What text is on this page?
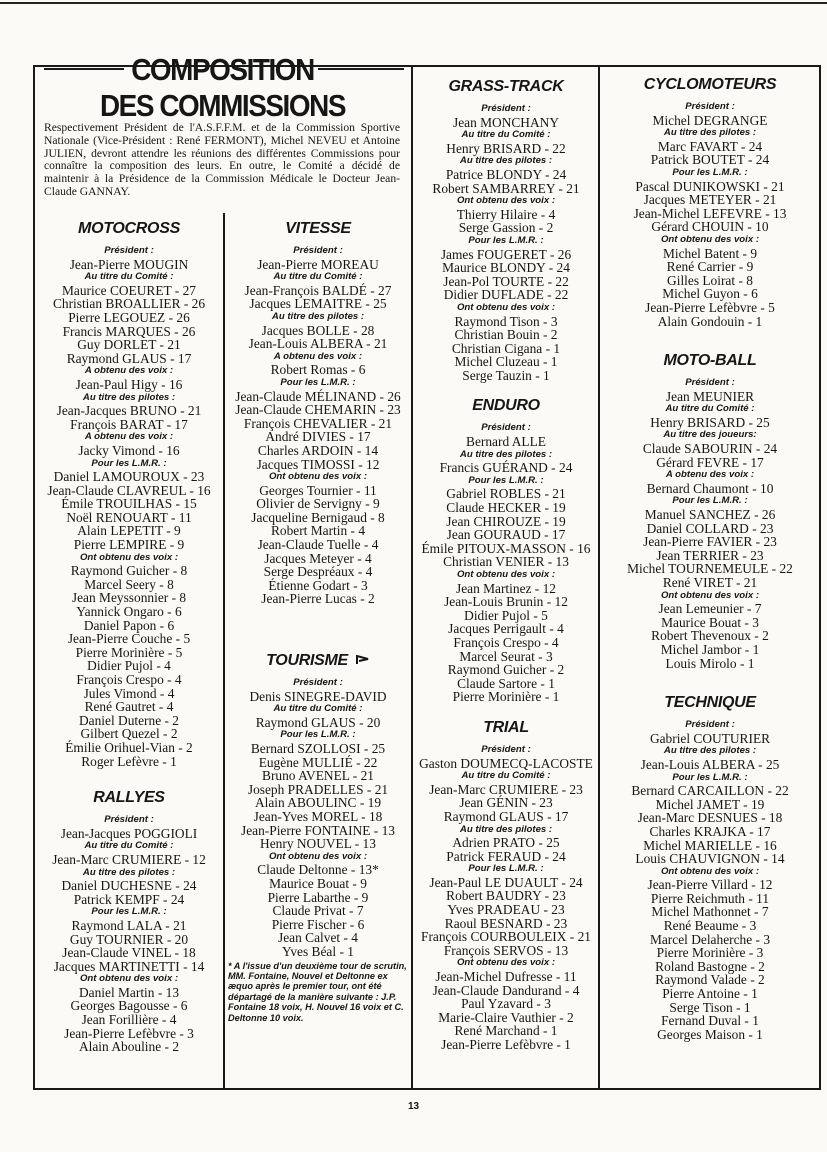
COMPOSITION
DES COMMISSIONS
Respectivement Président de l'A.S.F.F.M. et de la Commission Sportive Nationale (Vice-Président : René FERMONT), Michel NEVEU et Antoine JULIEN, devront attendre les réunions des différentes Commissions pour connaître la composition des leurs. En outre, le Comité a décidé de maintenir à la Présidence de la Commission Médicale le Docteur Jean-Claude GANNAY.
MOTOCROSS
Président :
Jean-Pierre MOUGIN
Au titre du Comité :
Maurice COEURET - 27
Christian BROALLIER - 26
Pierre LEGOUEZ - 26
Francis MARQUES - 26
Guy DORLET - 21
Raymond GLAUS - 17
A obtenu des voix :
Jean-Paul Higy - 16
Au titre des pilotes :
Jean-Jacques BRUNO - 21
François BARAT - 17
A obtenu des voix :
Jacky Vimond - 16
Pour les L.M.R. :
Daniel LAMOUROUX - 23
Jean-Claude CLAVREUL - 16
Émile TROUILHAS - 15
Noël RENOUART - 11
Alain LEPETIT - 9
Pierre LEMPIRE - 9
Ont obtenu des voix :
Raymond Guicher - 8
Marcel Seery - 8
Jean Meyssonnier - 8
Yannick Ongaro - 6
Daniel Papon - 6
Jean-Pierre Couche - 5
Pierre Morinière - 5
Didier Pujol - 4
François Crespo - 4
Jules Vimond - 4
René Gautret - 4
Daniel Duterne - 2
Gilbert Quezel - 2
Émilie Orihuel-Vian - 2
Roger Lefèvre - 1
RALLYES
Président :
Jean-Jacques POGGIOLI
Au titre du Comité :
Jean-Marc CRUMIERE - 12
Au titre des pilotes :
Daniel DUCHESNE - 24
Patrick KEMPF - 24
Pour les L.M.R. :
Raymond LALA - 21
Guy TOURNIER - 20
Jean-Claude VINEL - 18
Jacques MARTINETTI - 14
Ont obtenu des voix :
Daniel Martin - 13
Georges Bagousse - 6
Jean Forillière - 4
Jean-Pierre Lefèbvre - 3
Alain Abouline - 2
VITESSE
Président :
Jean-Pierre MOREAU
Au titre du Comité :
Jean-François BALDÉ - 27
Jacques LEMAITRE - 25
Au titre des pilotes :
Jacques BOLLE - 28
Jean-Louis ALBERA - 21
A obtenu des voix :
Robert Romas - 6
Pour les L.M.R. :
Jean-Claude MÉLINAND - 26
Jean-Claude CHEMARIN - 23
François CHEVALIER - 21
André DIVIES - 17
Charles ARDOIN - 14
Jacques TIMOSSI - 12
Ont obtenu des voix :
Georges Tournier - 11
Olivier de Servigny - 9
Jacqueline Bernigaud - 8
Robert Martin - 4
Jean-Claude Tuelle - 4
Jacques Meteyer - 4
Serge Despréaux - 4
Étienne Godart - 3
Jean-Pierre Lucas - 2
TOURISME
Président :
Denis SINEGRE-DAVID
Au titre du Comité :
Raymond GLAUS - 20
Pour les L.M.R. :
Bernard SZOLLOSI - 25
Eugène MULLIÉ - 22
Bruno AVENEL - 21
Joseph PRADELLES - 21
Alain ABOULINC - 19
Jean-Yves MOREL - 18
Jean-Pierre FONTAINE - 13
Henry NOUVEL - 13
Ont obtenu des voix :
Claude Deltonne - 13*
Maurice Bouat - 9
Pierre Labarthe - 9
Claude Privat - 7
Pierre Fischer - 6
Jean Calvet - 4
Yves Béal - 1
* A l'issue d'un deuxième tour de scrutin, MM. Fontaine, Nouvel et Deltonne ex æquo après le premier tour, ont été départagé de la manière suivante : J.P. Fontaine 18 voix, H. Nouvel 16 voix et C. Deltonne 10 voix.
GRASS-TRACK
Président :
Jean MONCHANY
Au titre du Comité :
Henry BRISARD - 22
Au titre des pilotes :
Patrice BLONDY - 24
Robert SAMBARREY - 21
Ont obtenu des voix :
Thierry Hilaire - 4
Serge Gassion - 2
Pour les L.M.R. :
James FOUGERET - 26
Maurice BLONDY - 24
Jean-Pol TOURTE - 22
Didier DUFLADE - 22
Ont obtenu des voix :
Raymond Tison - 3
Christian Bouin - 2
Christian Cigana - 1
Michel Cluzeau - 1
Serge Tauzin - 1
ENDURO
Président :
Bernard ALLE
Au titre des pilotes :
Francis GUÉRAND - 24
Pour les L.M.R. :
Gabriel ROBLES - 21
Claude HECKER - 19
Jean CHIROUZE - 19
Jean GOURAUD - 17
Émile PITOUX-MASSON - 16
Christian VENIER - 13
Ont obtenu des voix :
Jean Martinez - 12
Jean-Louis Brunin - 12
Didier Pujol - 5
Jacques Perrigault - 4
François Crespo - 4
Marcel Seurat - 3
Raymond Guicher - 2
Claude Sartore - 1
Pierre Morinière - 1
TRIAL
Président :
Gaston DOUMECQ-LACOSTE
Au titre du Comité :
Jean-Marc CRUMIERE - 23
Jean GÉNIN - 23
Raymond GLAUS - 17
Au titre des pilotes :
Adrien PRATO - 25
Patrick FERAUD - 24
Pour les L.M.R. :
Jean-Paul LE DUAULT - 24
Robert BAUDRY - 23
Yves PRADEAU - 23
Raoul BESNARD - 23
François COURBOULEIX - 21
François SERVOS - 13
Ont obtenu des voix :
Jean-Michel Dufresse - 11
Jean-Claude Dandurand - 4
Paul Yzavard - 3
Marie-Claire Vauthier - 2
René Marchand - 1
Jean-Pierre Lefèbvre - 1
CYCLOMOTEURS
Président :
Michel DEGRANGE
Au titre des pilotes :
Marc FAVART - 24
Patrick BOUTET - 24
Pour les L.M.R. :
Pascal DUNIKOWSKI - 21
Jacques METEYER - 21
Jean-Michel LEFEVRE - 13
Gérard CHOUIN - 10
Ont obtenu des voix :
Michel Batent - 9
René Carrier - 9
Gilles Loirat - 8
Michel Guyon - 6
Jean-Pierre Lefèbvre - 5
Alain Gondouin - 1
MOTO-BALL
Président :
Jean MEUNIER
Au titre du Comité :
Henry BRISARD - 25
Au titre des joueurs:
Claude SABOURIN - 24
Gérard FEVRE - 17
A obtenu des voix :
Bernard Chaumont - 10
Pour les L.M.R. :
Manuel SANCHEZ - 26
Daniel COLLARD - 23
Jean-Pierre FAVIER - 23
Jean TERRIER - 23
Michel TOURNEMEULE - 22
René VIRET - 21
Ont obtenu des voix :
Jean Lemeunier - 7
Maurice Bouat - 3
Robert Thevenoux - 2
Michel Jambor - 1
Louis Mirolo - 1
TECHNIQUE
Président :
Gabriel COUTURIER
Au titre des pilotes :
Jean-Louis ALBERA - 25
Pour les L.M.R. :
Bernard CARCAILLON - 22
Michel JAMET - 19
Jean-Marc DESNUES - 18
Charles KRAJKA - 17
Michel MARIELLE - 16
Louis CHAUVIGNON - 14
Ont obtenu des voix :
Jean-Pierre Villard - 12
Pierre Reichmuth - 11
Michel Mathonnet - 7
René Beaume - 3
Marcel Delaherche - 3
Pierre Morinière - 3
Roland Bastogne - 2
Raymond Valade - 2
Pierre Antoine - 1
Serge Tison - 1
Fernand Duval - 1
Georges Maison - 1
13
